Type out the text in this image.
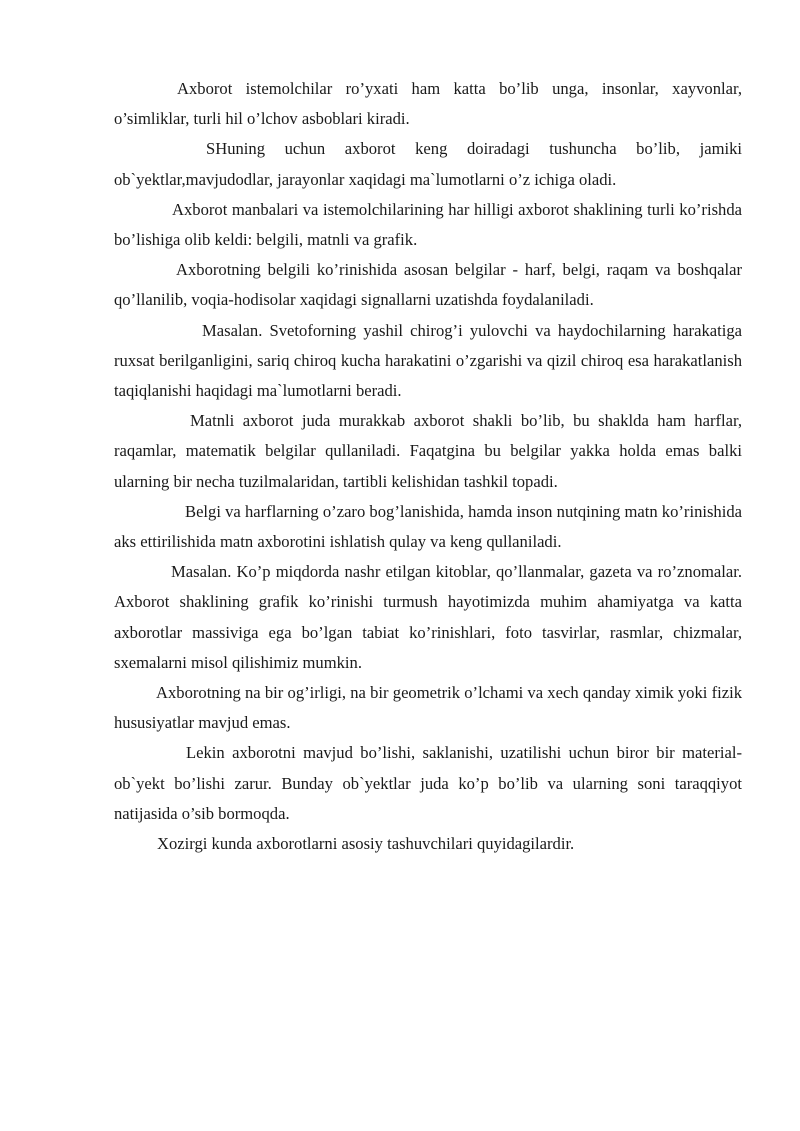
Axborot istemolchilar ro’yxati ham katta bo’lib unga, insonlar, xayvonlar, o’simliklar, turli hil o’lchov asboblari kiradi.

SHuning uchun axborot keng doiradagi tushuncha bo’lib, jamiki ob`yektlar,mavjudodlar, jarayonlar xaqidagi ma`lumotlarni o’z ichiga oladi.

Axborot manbalari va istemolchilarining har hilligi axborot shaklining turli ko’rishda bo’lishiga olib keldi: belgili, matnli va grafik.

Axborotning belgili ko’rinishida asosan belgilar - harf, belgi, raqam va boshqalar qo’llanilib, voqia-hodisolar xaqidagi signallarni uzatishda foydalaniladi.

Masalan. Svetoforning yashil chirog’i yulovchi va haydochilarning harakatiga ruxsat berilganligini, sariq chiroq kucha harakatini o’zgarishi va qizil chiroq esa harakatlanish taqiqlanishi haqidagi ma`lumotlarni beradi.

Matnli axborot juda murakkab axborot shakli bo’lib, bu shaklda ham harflar, raqamlar, matematik belgilar qullaniladi. Faqatgina bu belgilar yakka holda emas balki ularning bir necha tuzilmalaridan, tartibli kelishidan tashkil topadi.

Belgi va harflarning o’zaro bog’lanishida, hamda inson nutqining matn ko’rinishida aks ettirilishida matn axborotini ishlatish qulay va keng qullaniladi.

Masalan. Ko’p miqdorda nashr etilgan kitoblar, qo’llanmalar, gazeta va ro’znomalar. Axborot shaklining grafik ko’rinishi turmush hayotimizda muhim ahamiyatga va katta axborotlar massiviga ega bo’lgan tabiat ko’rinishlari, foto tasvirlar, rasmlar, chizmalar, sxemalarni misol qilishimiz mumkin.

Axborotning na bir og’irligi, na bir geometrik o’lchami va xech qanday ximik yoki fizik hususiyatlar mavjud emas.

Lekin axborotni mavjud bo’lishi, saklanishi, uzatilishi uchun biror bir material-ob`yekt bo’lishi zarur. Bunday ob`yektlar juda ko’p bo’lib va ularning soni taraqqiyot natijasida o’sib bormoqda.

Xozirgi kunda axborotlarni asosiy tashuvchilari quyidagilardir.
